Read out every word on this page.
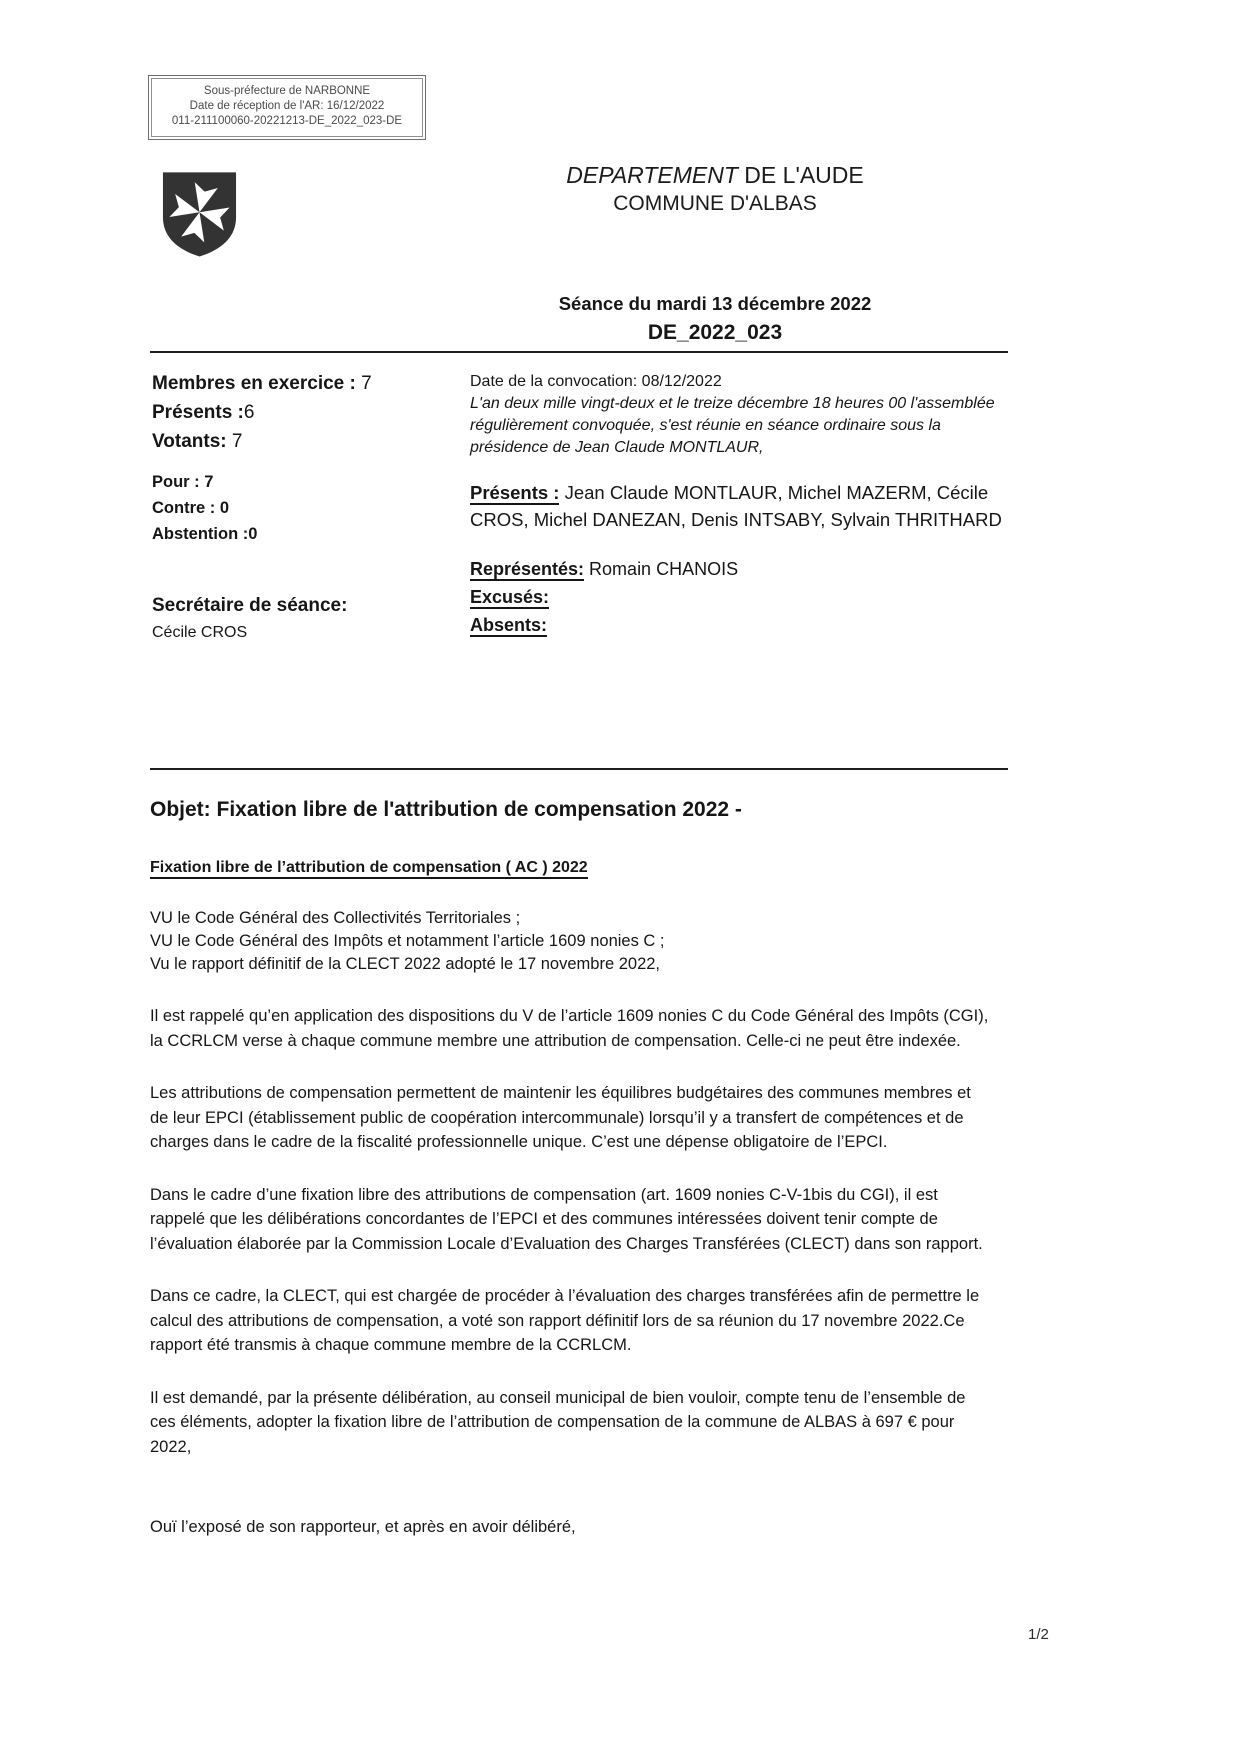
Sous-préfecture de NARBONNE
Date de réception de l'AR: 16/12/2022
011-211100060-20221213-DE_2022_023-DE
DEPARTEMENT DE L'AUDE
COMMUNE D'ALBAS
Séance du mardi 13 décembre 2022
DE_2022_023
Membres en exercice : 7
Présents :6
Votants: 7
Pour : 7
Contre : 0
Abstention :0
Secrétaire de séance:
Cécile CROS
Date de la convocation: 08/12/2022
L'an deux mille vingt-deux et le treize décembre 18 heures 00 l'assemblée régulièrement convoquée, s'est réunie en séance ordinaire sous la présidence de Jean Claude MONTLAUR,
Présents : Jean Claude MONTLAUR, Michel MAZERM, Cécile CROS, Michel DANEZAN, Denis INTSABY, Sylvain THRITHARD
Représentés: Romain CHANOIS
Excusés:
Absents:
Objet: Fixation libre de l'attribution de compensation 2022 -
Fixation libre de l’attribution de compensation ( AC ) 2022
VU le Code Général des Collectivités Territoriales ;
VU le Code Général des Impôts et notamment l’article 1609 nonies C ;
Vu le rapport définitif de la CLECT 2022 adopté le 17 novembre 2022,

Il est rappelé qu’en application des dispositions du V de l’article 1609 nonies C du Code Général des Impôts (CGI), la CCRLCM verse à chaque commune membre une attribution de compensation. Celle-ci ne peut être indexée.

Les attributions de compensation permettent de maintenir les équilibres budgétaires des communes membres et de leur EPCI (établissement public de coopération intercommunale) lorsqu’il y a transfert de compétences et de charges dans le cadre de la fiscalité professionnelle unique. C’est une dépense obligatoire de l’EPCI.

Dans le cadre d’une fixation libre des attributions de compensation (art. 1609 nonies C-V-1bis du CGI), il est rappelé que les délibérations concordantes de l’EPCI et des communes intéressées doivent tenir compte de l’évaluation élaborée par la Commission Locale d’Evaluation des Charges Transférées (CLECT) dans son rapport.

Dans ce cadre, la CLECT, qui est chargée de procéder à l’évaluation des charges transférées afin de permettre le calcul des attributions de compensation, a voté son rapport définitif lors de sa réunion du 17 novembre 2022.Ce rapport été transmis à chaque commune membre de la CCRLCM.

Il est demandé, par la présente délibération, au conseil municipal de bien vouloir, compte tenu de l’ensemble de ces éléments, adopter la fixation libre de l’attribution de compensation de la commune de ALBAS à 697 € pour 2022,

Ouï l’exposé de son rapporteur, et après en avoir délibéré,

1/2
